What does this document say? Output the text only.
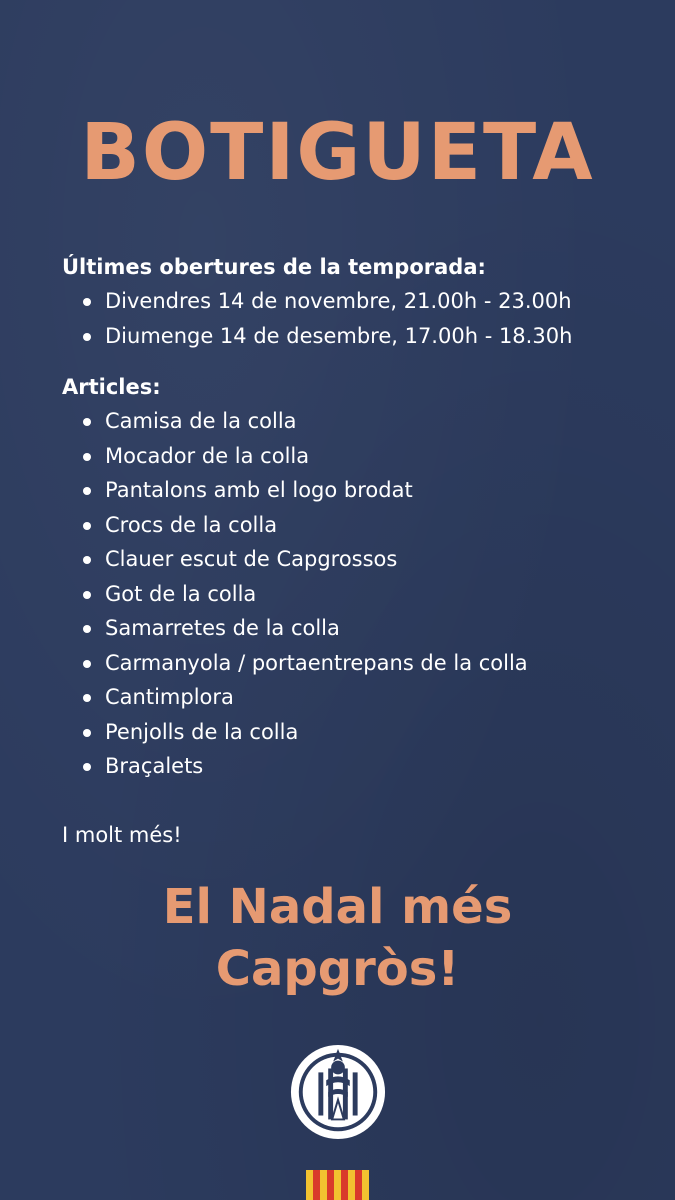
BOTIGUETA

Últimes obertures de la temporada:

Divendres 14 de novembre, 21.00h - 23.00h
Diumenge 14 de desembre, 17.00h - 18.30h

Articles:

Camisa de la colla
Mocador de la colla
Pantalons amb el logo brodat
Crocs de la colla
Clauer escut de Capgrossos
Got de la colla
Samarretes de la colla
Carmanyola / portaentrepans de la colla
Cantimplora
Penjolls de la colla
Braçalets
I molt més!
El Nadal més
Capgròs!
